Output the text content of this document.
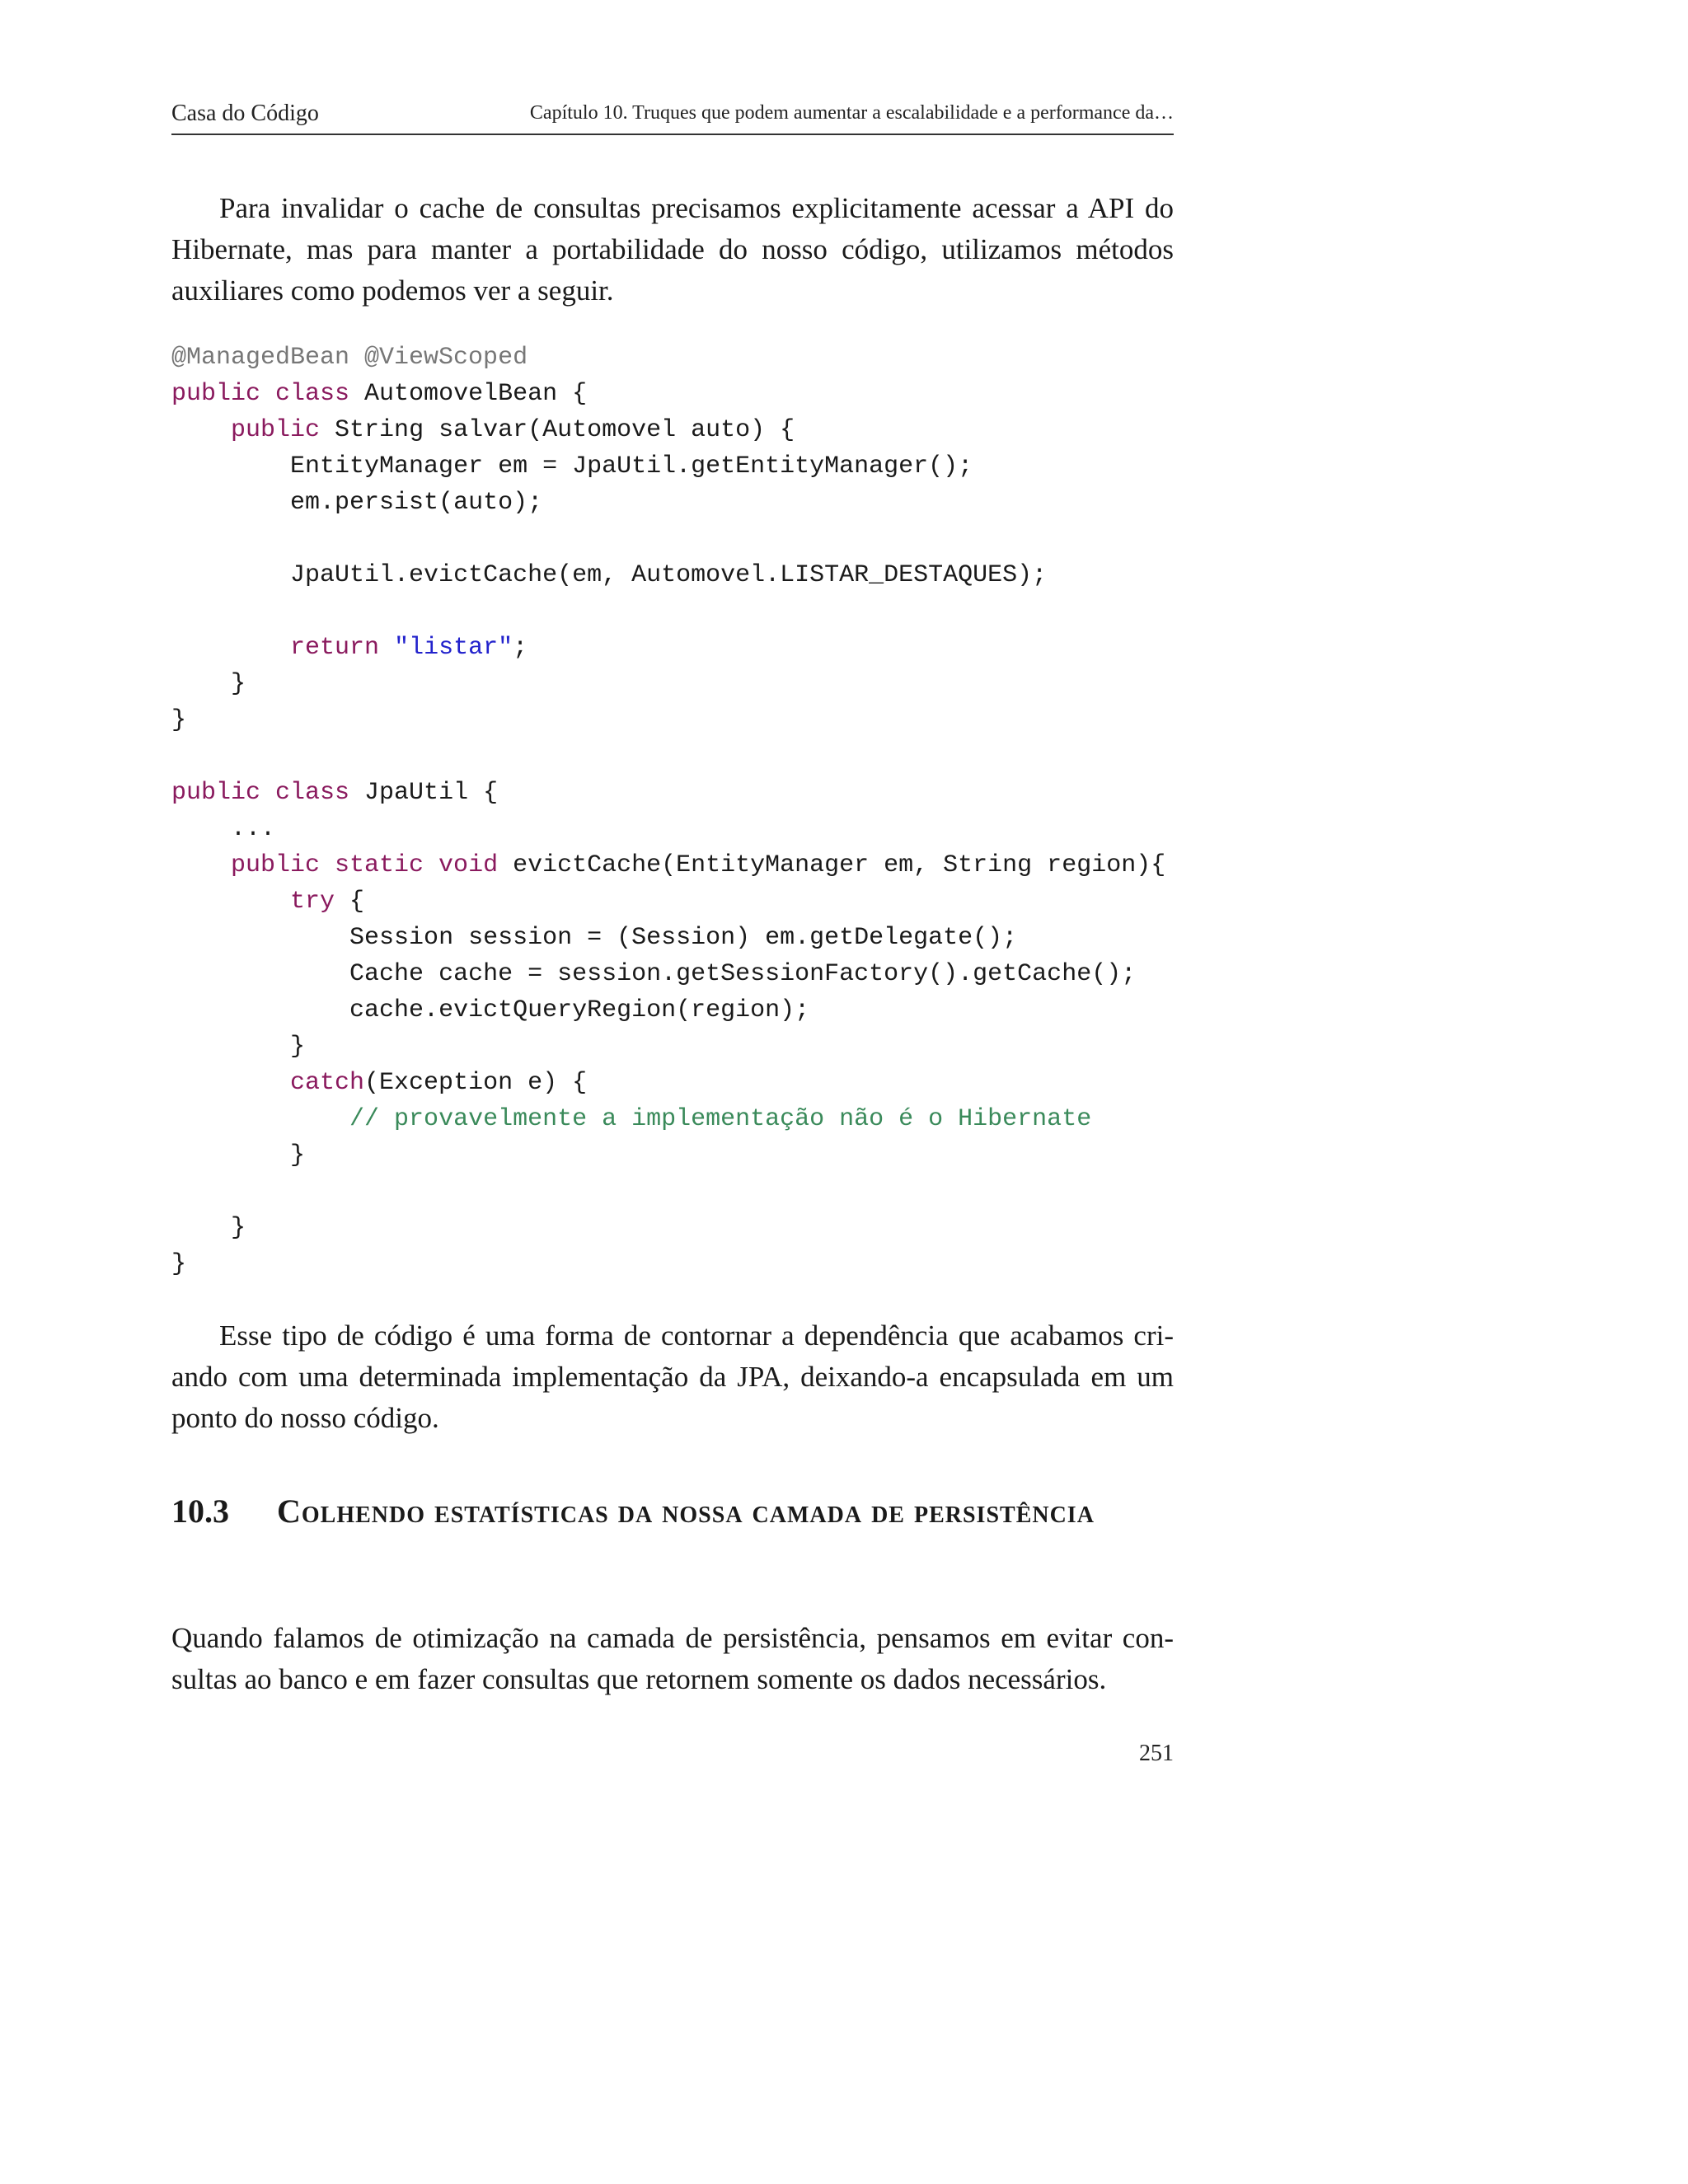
Casa do Código	Capítulo 10. Truques que podem aumentar a escalabilidade e a performance da…

Para invalidar o cache de consultas precisamos explicitamente acessar a API do Hibernate, mas para manter a portabilidade do nosso código, utilizamos métodos auxiliares como podemos ver a seguir.

@ManagedBean @ViewScoped
public class AutomovelBean {
public String salvar(Automovel auto) {
EntityManager em = JpaUtil.getEntityManager();
em.persist(auto);
JpaUtil.evictCache(em, Automovel.LISTAR_DESTAQUES);
return "listar";
}
}
public class JpaUtil {
...
public static void evictCache(EntityManager em, String region){
try {
Session session = (Session) em.getDelegate();
Cache cache = session.getSessionFactory().getCache();
cache.evictQueryRegion(region);
}
catch(Exception e) {
// provavelmente a implementação não é o Hibernate
}
}
}

Esse tipo de código é uma forma de contornar a dependência que acabamos criando com uma determinada implementação da JPA, deixando-a encapsulada em um ponto do nosso código.

10.3 Colhendo estatísticas da nossa camada de persistência

Quando falamos de otimização na camada de persistência, pensamos em evitar consultas ao banco e em fazer consultas que retornem somente os dados necessários.

251
